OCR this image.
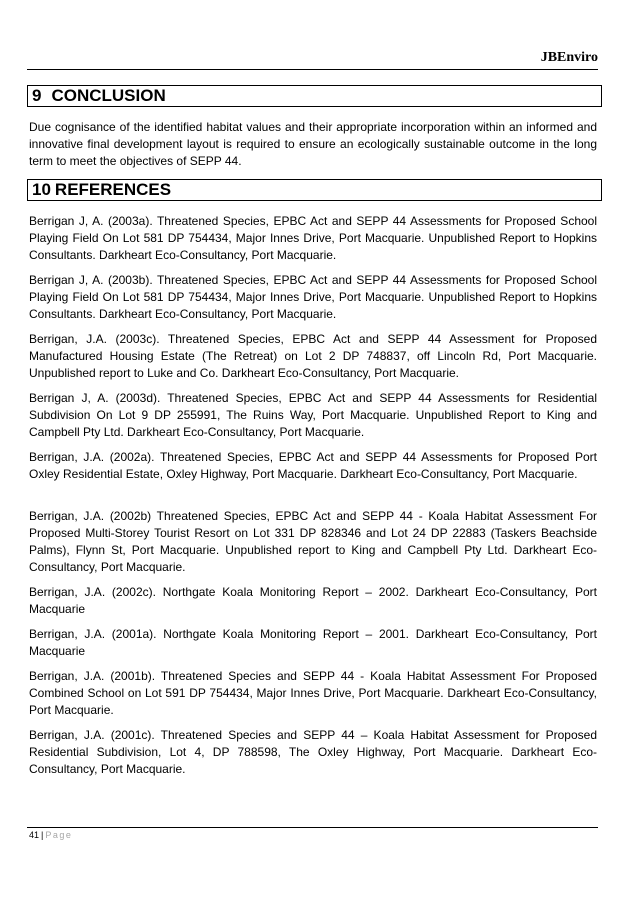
JBEnviro
9 CONCLUSION
Due cognisance of the identified habitat values and their appropriate incorporation within an informed and innovative final development layout is required to ensure an ecologically sustainable outcome in the long term to meet the objectives of SEPP 44.
10 REFERENCES
Berrigan J, A. (2003a). Threatened Species, EPBC Act and SEPP 44 Assessments for Proposed School Playing Field On Lot 581 DP 754434, Major Innes Drive, Port Macquarie. Unpublished Report to Hopkins Consultants. Darkheart Eco-Consultancy, Port Macquarie.
Berrigan J, A. (2003b). Threatened Species, EPBC Act and SEPP 44 Assessments for Proposed School Playing Field On Lot 581 DP 754434, Major Innes Drive, Port Macquarie. Unpublished Report to Hopkins Consultants. Darkheart Eco-Consultancy, Port Macquarie.
Berrigan, J.A. (2003c). Threatened Species, EPBC Act and SEPP 44 Assessment for Proposed Manufactured Housing Estate (The Retreat) on Lot 2 DP 748837, off Lincoln Rd, Port Macquarie. Unpublished report to Luke and Co. Darkheart Eco-Consultancy, Port Macquarie.
Berrigan J, A. (2003d). Threatened Species, EPBC Act and SEPP 44 Assessments for Residential Subdivision On Lot 9 DP 255991, The Ruins Way, Port Macquarie. Unpublished Report to King and Campbell Pty Ltd. Darkheart Eco-Consultancy, Port Macquarie.
Berrigan, J.A. (2002a). Threatened Species, EPBC Act and SEPP 44 Assessments for Proposed Port Oxley Residential Estate, Oxley Highway, Port Macquarie. Darkheart Eco-Consultancy, Port Macquarie.
Berrigan, J.A. (2002b) Threatened Species, EPBC Act and SEPP 44 - Koala Habitat Assessment For Proposed Multi-Storey Tourist Resort on Lot 331 DP 828346 and Lot 24 DP 22883 (Taskers Beachside Palms), Flynn St, Port Macquarie. Unpublished report to King and Campbell Pty Ltd. Darkheart Eco-Consultancy, Port Macquarie.
Berrigan, J.A. (2002c). Northgate Koala Monitoring Report – 2002. Darkheart Eco-Consultancy, Port Macquarie
Berrigan, J.A. (2001a). Northgate Koala Monitoring Report – 2001. Darkheart Eco-Consultancy, Port Macquarie
Berrigan, J.A. (2001b). Threatened Species and SEPP 44 - Koala Habitat Assessment For Proposed Combined School on Lot 591 DP 754434, Major Innes Drive, Port Macquarie. Darkheart Eco-Consultancy, Port Macquarie.
Berrigan, J.A. (2001c). Threatened Species and SEPP 44 – Koala Habitat Assessment for Proposed Residential Subdivision, Lot 4, DP 788598, The Oxley Highway, Port Macquarie. Darkheart Eco-Consultancy, Port Macquarie.
41 | Page
